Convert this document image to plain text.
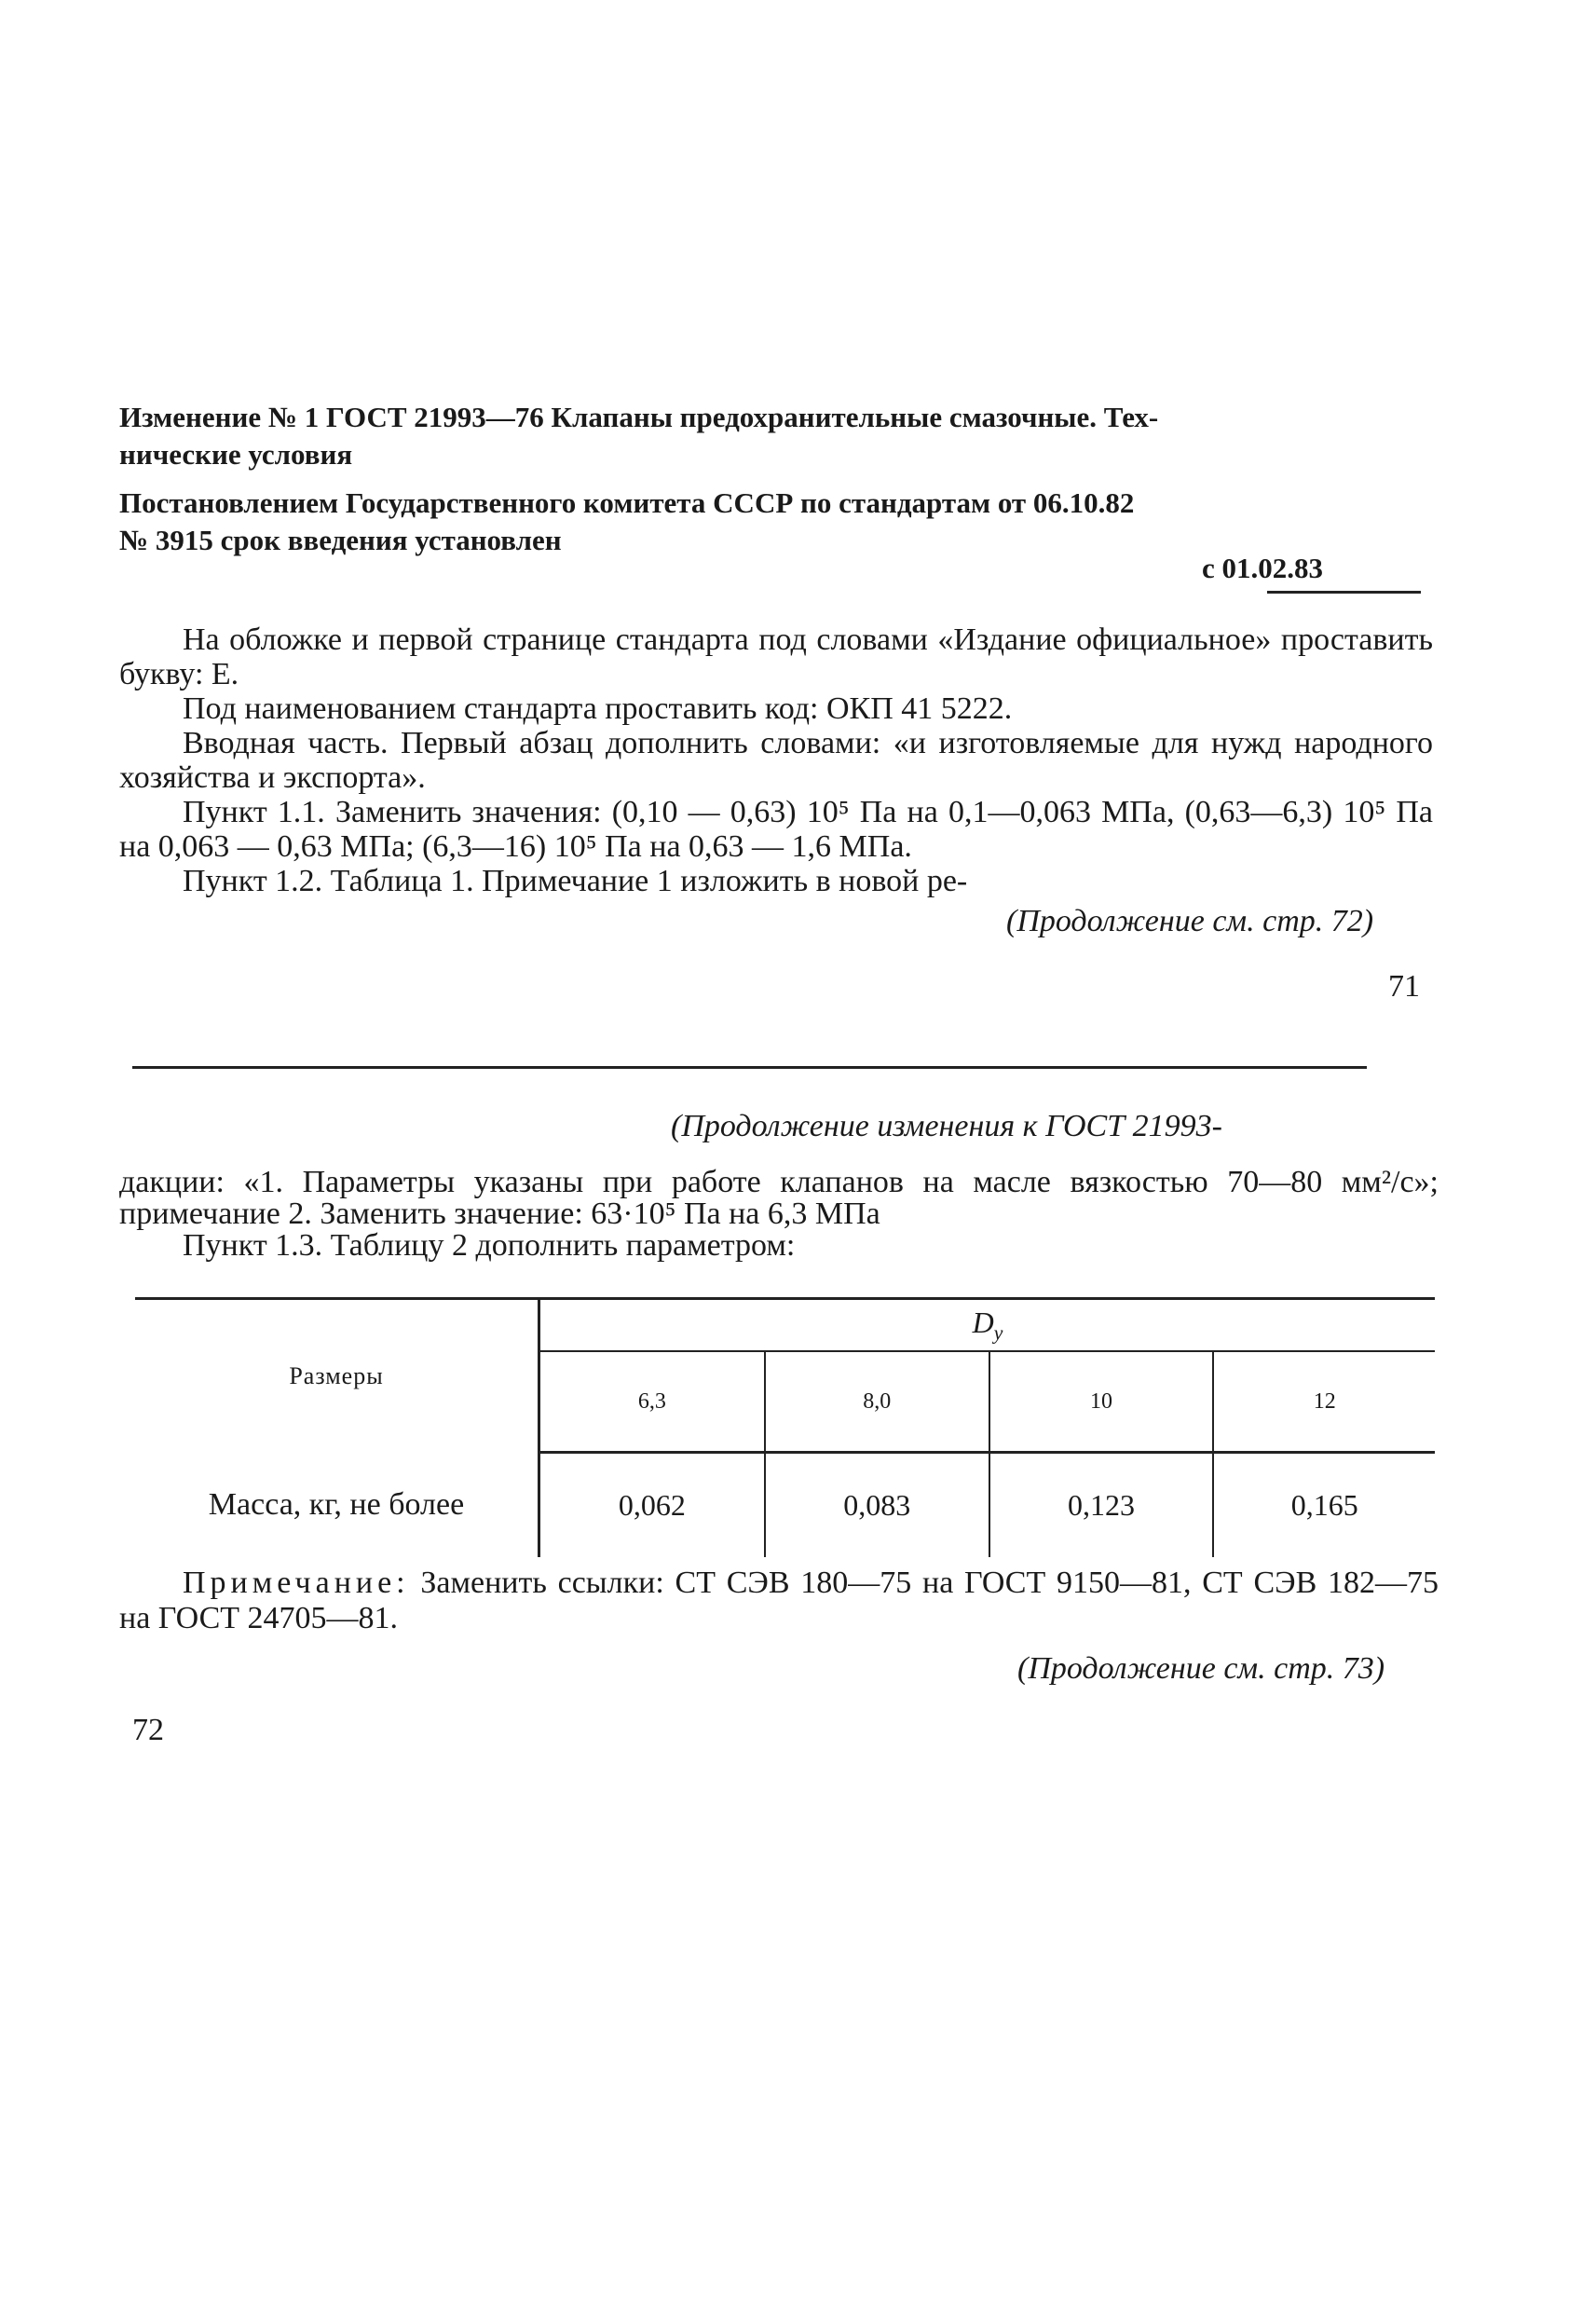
Изменение № 1 ГОСТ 21993—76 Клапаны предохранительные смазочные. Тех-

нические условия

Постановлением Государственного комитета СССР по стандартам от 06.10.82

№ 3915 срок введения установлен

с 01.02.83

На обложке и первой странице стандарта под словами «Издание официальное» проставить букву: Е.

Под наименованием стандарта проставить код: ОКП 41 5222.

Вводная часть. Первый абзац дополнить словами: «и изготовляемые для нужд народного хозяйства и экспорта».

Пункт 1.1. Заменить значения: (0,10 — 0,63) 10⁵ Па на 0,1—0,063 МПа, (0,63—6,3) 10⁵ Па на 0,063 — 0,63 МПа; (6,3—16) 10⁵ Па на 0,63 — 1,6 МПа.

Пункт 1.2. Таблица 1. Примечание 1 изложить в новой ре-

(Продолжение см. стр. 72)
71
(Продолжение изменения к ГОСТ 21993-

дакции: «1. Параметры указаны при работе клапанов на масле вязкостью 70—80 мм²/с»; примечание 2. Заменить значение: 63·10⁵ Па на 6,3 МПа

Пункт 1.3. Таблицу 2 дополнить параметром:

Размеры	$D_у$
	6,3	8,0	10	12
Масса, кг, не более	0,062	0,083	0,123	0,165

Примечание: Заменить ссылки: СТ СЭВ 180—75 на ГОСТ 9150—81, СТ СЭВ 182—75 на ГОСТ 24705—81.

(Продолжение см. стр. 73)
72
